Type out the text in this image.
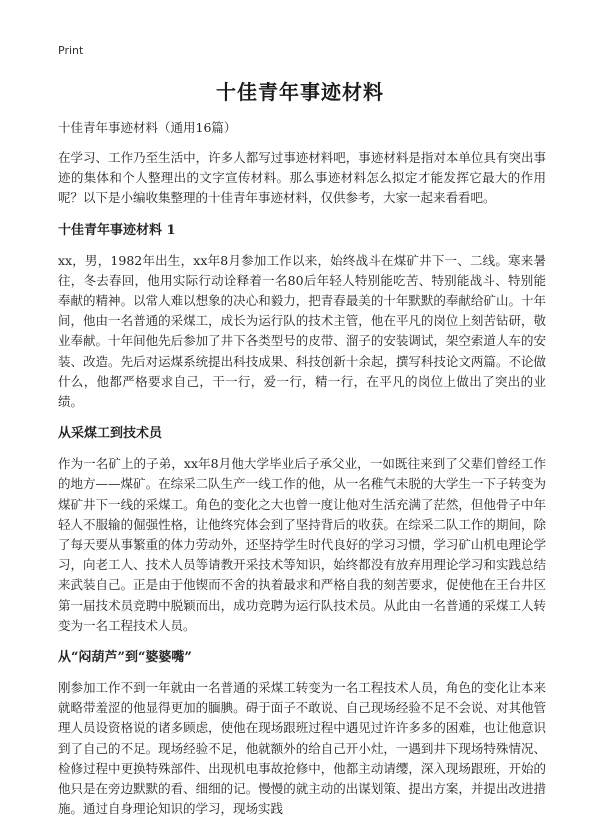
Print
十佳青年事迹材料
十佳青年事迹材料（通用16篇）

在学习、工作乃至生活中，许多人都写过事迹材料吧，事迹材料是指对本单位具有突出事迹的集体和个人整理出的文字宣传材料。那么事迹材料怎么拟定才能发挥它最大的作用呢？以下是小编收集整理的十佳青年事迹材料，仅供参考，大家一起来看看吧。

十佳青年事迹材料 1

xx，男，1982年出生，xx年8月参加工作以来，始终战斗在煤矿井下一、二线。寒来暑往，冬去春回，他用实际行动诠释着一名80后年轻人特别能吃苦、特别能战斗、特别能奉献的精神。以常人难以想象的决心和毅力，把青春最美的十年默默的奉献给矿山。十年间，他由一名普通的采煤工，成长为运行队的技术主管，他在平凡的岗位上刻苦钻研，敬业奉献。十年间他先后参加了井下各类型号的皮带、溜子的安装调试，架空索道人车的安装、改造。先后对运煤系统提出科技成果、科技创新十余起，撰写科技论文两篇。不论做什么，他都严格要求自己，干一行，爱一行，精一行，在平凡的岗位上做出了突出的业绩。

从采煤工到技术员

作为一名矿上的子弟，xx年8月他大学毕业后子承父业，一如既往来到了父辈们曾经工作的地方——煤矿。在综采二队生产一线工作的他，从一名稚气未脱的大学生一下子转变为煤矿井下一线的采煤工。角色的变化之大也曾一度让他对生活充满了茫然，但他骨子中年轻人不服输的倔强性格，让他终究体会到了坚持背后的收获。在综采二队工作的期间，除了每天要从事繁重的体力劳动外，还坚持学生时代良好的学习习惯，学习矿山机电理论学习，向老工人、技术人员等请教开采技术等知识，始终都没有放弃用理论学习和实践总结来武装自己。正是由于他锲而不舍的执着最求和严格自我的刻苦要求，促使他在王台井区第一届技术员竞聘中脱颖而出，成功竞聘为运行队技术员。从此由一名普通的采煤工人转变为一名工程技术人员。

从“闷葫芦”到“婆婆嘴”

刚参加工作不到一年就由一名普通的采煤工转变为一名工程技术人员，角色的变化让本来就略带羞涩的他显得更加的腼腆。碍于面子不敢说、自己现场经验不足不会说、对其他管理人员设资格说的诸多顾虑，使他在现场跟班过程中遇见过许许多多的困难，也让他意识到了自己的不足。现场经验不足，他就额外的给自己开小灶，一遇到井下现场特殊情况、检修过程中更换特殊部件、出现机电事故抢修中，他都主动请缨，深入现场跟班，开始的他只是在旁边默默的看、细细的记。慢慢的就主动的出谋划策、提出方案，并提出改进措施。通过自身理论知识的学习，现场实践
